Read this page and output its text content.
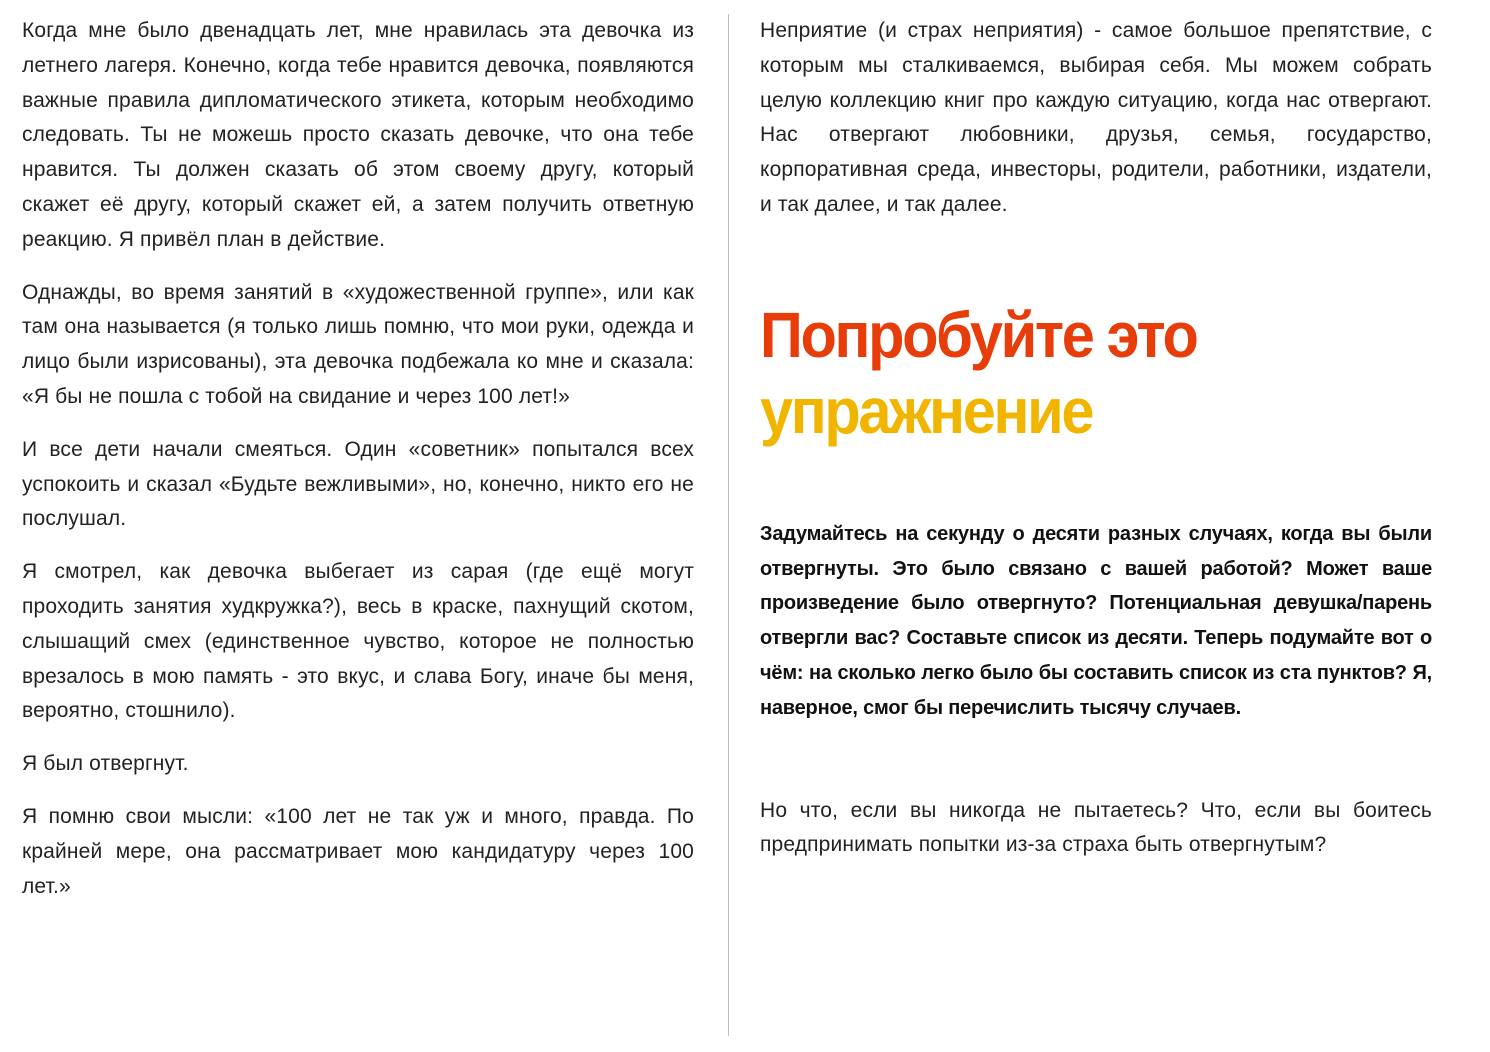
Когда мне было двенадцать лет, мне нравилась эта девочка из летнего лагеря. Конечно, когда тебе нравится девочка, появляются важные правила дипломатического этикета, которым необходимо следовать. Ты не можешь просто сказать девочке, что она тебе нравится. Ты должен сказать об этом своему другу, который скажет её другу, который скажет ей, а затем получить ответную реакцию. Я привёл план в действие.

Однажды, во время занятий в «художественной группе», или как там она называется (я только лишь помню, что мои руки, одежда и лицо были изрисованы), эта девочка подбежала ко мне и сказала: «Я бы не пошла с тобой на свидание и через 100 лет!»

И все дети начали смеяться. Один «советник» попытался всех успокоить и сказал «Будьте вежливыми», но, конечно, никто его не послушал.

Я смотрел, как девочка выбегает из сарая (где ещё могут проходить занятия худкружка?), весь в краске, пахнущий скотом, слышащий смех (единственное чувство, которое не полностью врезалось в мою память - это вкус, и слава Богу, иначе бы меня, вероятно, стошнило).

Я был отвергнут.

Я помню свои мысли: «100 лет не так уж и много, правда. По крайней мере, она рассматривает мою кандидатуру через 100 лет.»

Неприятие (и страх неприятия) - самое большое препятствие, с которым мы сталкиваемся, выбирая себя. Мы можем собрать целую коллекцию книг про каждую ситуацию, когда нас отвергают. Нас отвергают любовники, друзья, семья, государство, корпоративная среда, инвесторы, родители, работники, издатели, и так далее, и так далее.

Попробуйте это
упражнение

Задумайтесь на секунду о десяти разных случаях, когда вы были отвергнуты. Это было связано с вашей работой? Может ваше произведение было отвергнуто? Потенциальная девушка/парень отвергли вас? Составьте список из десяти. Теперь подумайте вот о чём: на сколько легко было бы составить список из ста пунктов? Я, наверное, смог бы перечислить тысячу случаев.

Но что, если вы никогда не пытаетесь? Что, если вы боитесь предпринимать попытки из-за страха быть отвергнутым?
